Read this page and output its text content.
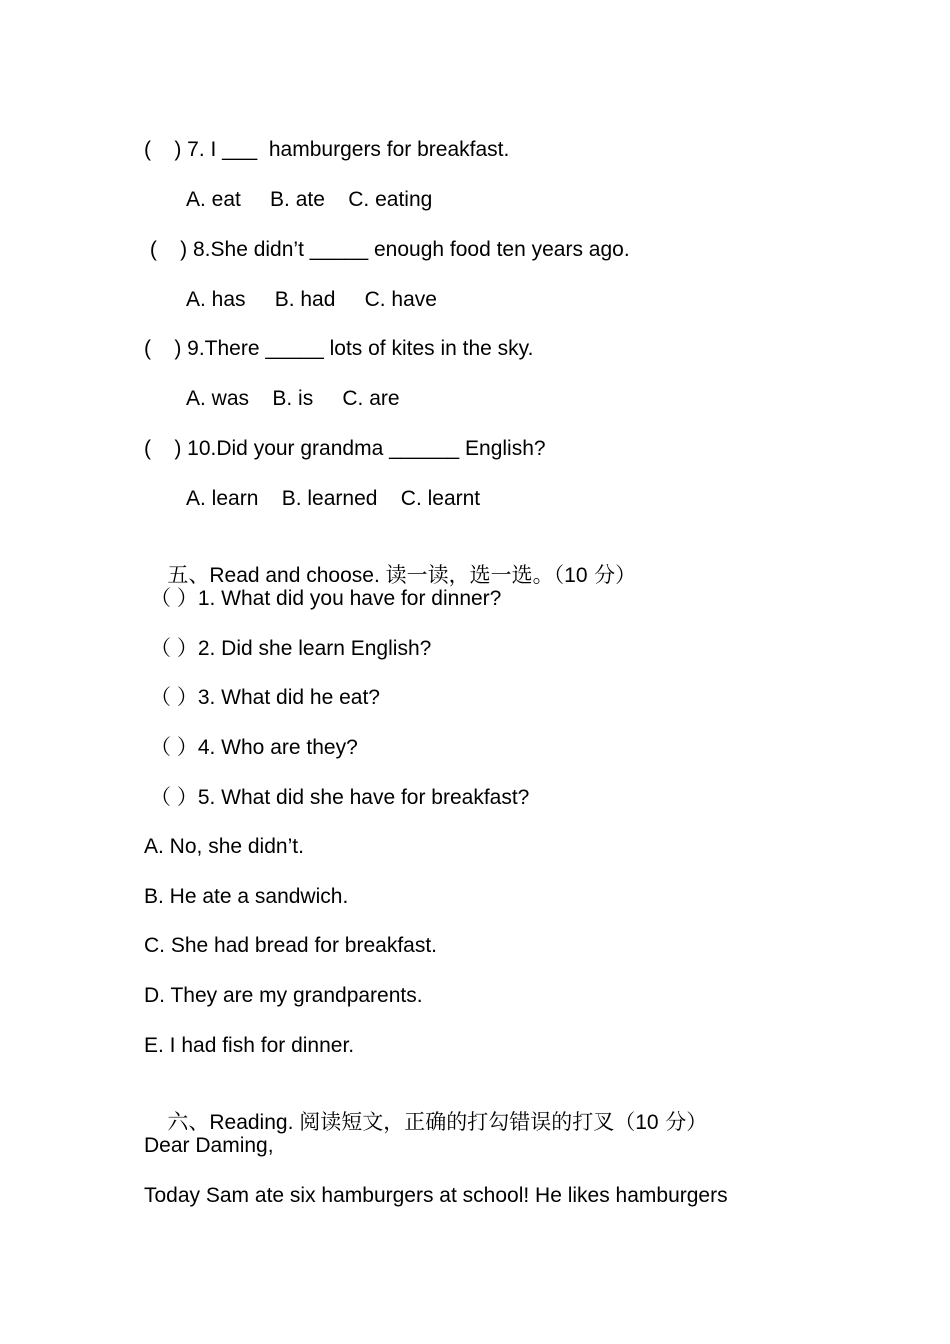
(    ) 7. I ___  hamburgers for breakfast.
A. eat     B. ate    C. eating
(    ) 8.She didn’t _____ enough food ten years ago.
A. has     B. had     C. have
(    ) 9.There _____ lots of kites in the sky.
A. was    B. is     C. are
(    ) 10.Did your grandma ______ English?
A. learn    B. learned    C. learnt

五、Read and choose. 读一读，选一选。（10 分）

（ ）1. What did you have for dinner?
（ ）2. Did she learn English?
（ ）3. What did he eat?
（ ）4. Who are they?
（ ）5. What did she have for breakfast?
A. No, she didn’t.
B. He ate a sandwich.
C. She had bread for breakfast.
D. They are my grandparents.
E. I had fish for dinner.

六、Reading. 阅读短文，正确的打勾错误的打叉（10 分）

Dear Daming,
Today Sam ate six hamburgers at school! He likes hamburgers
